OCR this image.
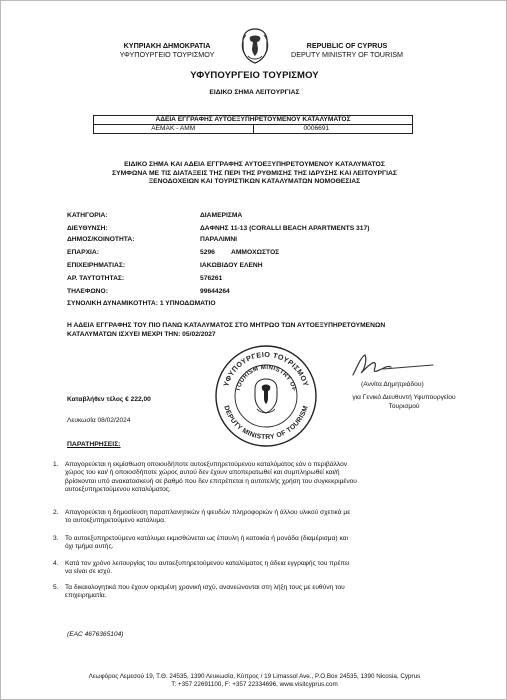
ΚΥΠΡΙΑΚΗ ΔΗΜΟΚΡΑΤΙΑ
ΥΦΥΠΟΥΡΓΕΙΟ ΤΟΥΡΙΣΜΟΥ
REPUBLIC OF CYPRUS
DEPUTY MINISTRY OF TOURISM
ΥΦΥΠΟΥΡΓΕΙΟ ΤΟΥΡΙΣΜΟΥ
ΕΙΔΙΚΟ ΣΗΜΑ ΛΕΙΤΟΥΡΓΙΑΣ
ΑΔΕΙΑ ΕΓΓΡΑΦΗΣ ΑΥΤΟΕΞΥΠΗΡΕΤΟΥΜΕΝΟΥ ΚΑΤΑΛΥΜΑΤΟΣ
ΑΕΜΑΚ - ΑΜΜ	0006691
ΕΙΔΙΚΟ ΣΗΜΑ ΚΑΙ ΑΔΕΙΑ ΕΓΓΡΑΦΗΣ ΑΥΤΟΕΞΥΠΗΡΕΤΟΥΜΕΝΟΥ ΚΑΤΑΛΥΜΑΤΟΣ
ΣΥΜΦΩΝΑ ΜΕ ΤΙΣ ΔΙΑΤΑΞΕΙΣ ΤΗΣ ΠΕΡΙ ΤΗΣ ΡΥΘΜΙΣΗΣ ΤΗΣ ΙΔΡΥΣΗΣ ΚΑΙ ΛΕΙΤΟΥΡΓΙΑΣ
ΞΕΝΟΔΟΧΕΙΩΝ ΚΑΙ ΤΟΥΡΙΣΤΙΚΩΝ ΚΑΤΑΛΥΜΑΤΩΝ ΝΟΜΟΘΕΣΙΑΣ
ΚΑΤΗΓΟΡΙΑ:	ΔΙΑΜΕΡΙΣΜΑ
ΔΙΕΥΘΥΝΣΗ:	ΔΑΦΝΗΣ 11-13 (CORALLI BEACH APARTMENTS 317)
ΔΗΜΟΣ/ΚΟΙΝΟΤΗΤΑ:	ΠΑΡΑΛΙΜΝΙ
ΕΠΑΡΧΙΑ:	5296 ΑΜΜΟΧΩΣΤΟΣ
ΕΠΙΧΕΙΡΗΜΑΤΙΑΣ:	ΙΑΚΩΒΙΔΟΥ ΕΛΕΝΗ
ΑΡ. ΤΑΥΤΟΤΗΤΑΣ:	576261
ΤΗΛΕΦΩΝΟ:	99644264
ΣΥΝΟΛΙΚΗ ΔΥΝΑΜΙΚΟΤΗΤΑ: 1 ΥΠΝΟΔΩΜΑΤΙΟ
Η ΑΔΕΙΑ ΕΓΓΡΑΦΗΣ ΤΟΥ ΠΙΟ ΠΑΝΩ ΚΑΤΑΛΥΜΑΤΟΣ ΣΤΟ ΜΗΤΡΩΟ ΤΩΝ ΑΥΤΟΕΞΥΠΗΡΕΤΟΥΜΕΝΩΝ
ΚΑΤΑΛΥΜΑΤΩΝ ΙΣΧΥΕΙ ΜΕΧΡΙ ΤΗΝ: 05/02/2027
ΥΦΥΠΟΥΡΓΕΙΟ ΤΟΥΡΙΣΜΟΥ
TOURISM MINISTRY OF
DEPUTY MINISTRY OF TOURISM
(Αννίτα Δημητριάδου)
Καταβλήθεν τέλος € 222,00	για Γενικό Διευθυντή Υφυπουργείου
Τουρισμού
Λευκωσία 08/02/2024
ΠΑΡΑΤΗΡΗΣΕΙΣ:
1. Απαγορεύεται η εκμίσθωση οποιουδήποτε αυτοεξυπηρετούμενου καταλύματος εάν ο περιβάλλον
χώρος του και/ ή οποιοσδήποτε χώρος αυτού δεν έχουν αποπερατωθεί και συμπληρωθεί και/ή
βρίσκονται υπό ανακατασκευή σε βαθμό που δεν επιτρέπεται η αυτοτελής χρήση του συγκεκριμένου
αυτοεξυπηρετούμενου καταλύματος.
2. Απαγορεύεται η δημοσίευση παραπλανητικών ή ψευδών πληροφοριών ή άλλου υλικού σχετικά με
το αυτοεξυπηρετούμενο κατάλυμα.
3. Το αυτοεξυπηρετούμενο κατάλυμα εκμισθώνεται ως έπαυλη ή κατοικία ή μονάδα (διαμέρισμα) και
όχι τμήμα αυτής.
4. Κατά τον χρόνο λειτουργίας του αυτοεξυπηρετούμενου καταλύματος η άδεια εγγραφής του πρέπει
να είναι σε ισχύ.
5. Τα δικαιολογητικά που έχουν ορισμένη χρονική ισχύ, ανανεώνονται στη λήξη τους με ευθύνη του
επιχειρηματία.
(EAC 4676365104)
Λεωφόρος Λεμεσού 19, Τ.Θ. 24535, 1390 Λευκωσία, Κύπρος / 19 Limassol Ave., P.O.Box 24535, 1390 Nicosia, Cyprus
Τ: +357 22691100, F: +357 22334696, www.visitcyprus.com
